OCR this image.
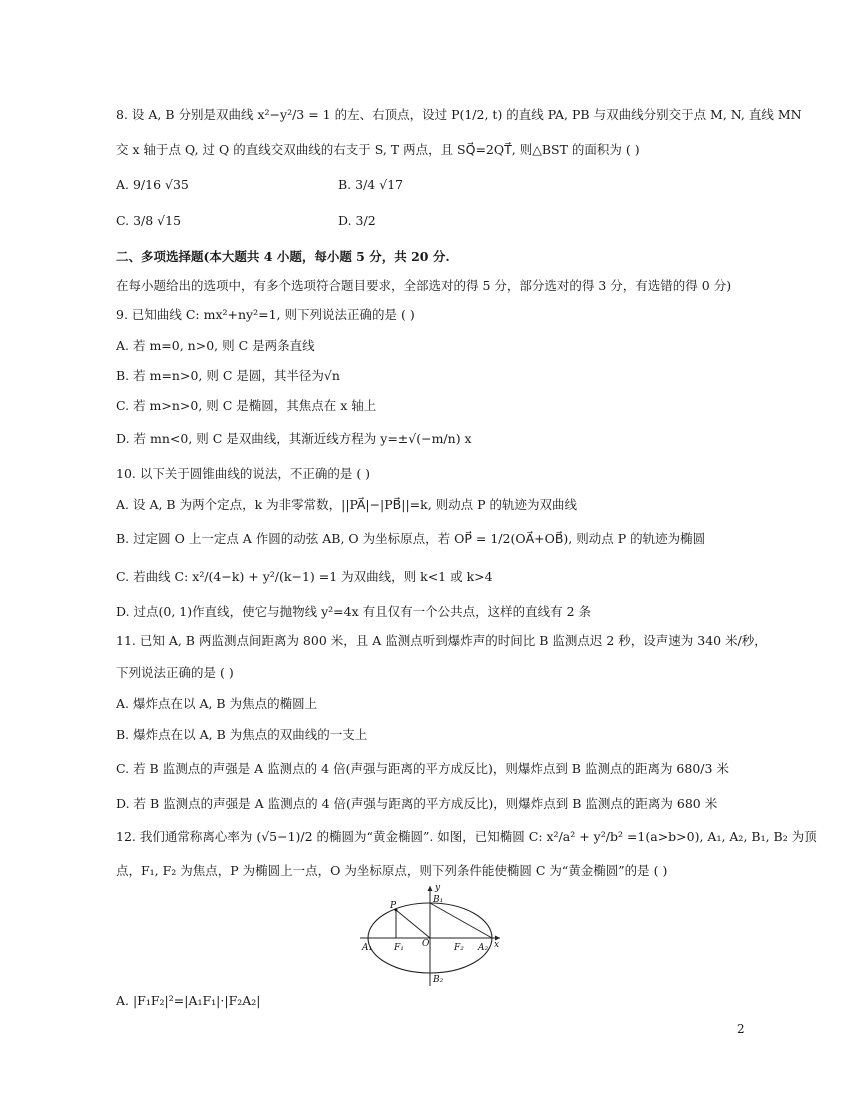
8. 设 A, B 分别是双曲线 x²−y²/3 = 1 的左、右顶点，设过 P(1/2, t) 的直线 PA, PB 与双曲线分别交于点 M, N, 直线 MN
交 x 轴于点 Q, 过 Q 的直线交双曲线的右支于 S, T 两点，且 SQ⃗=2QT⃗, 则△BST 的面积为 ( )
A. 9/16 √35	B. 3/4 √17
C. 3/8 √15	D. 3/2
二、多项选择题(本大题共 4 小题，每小题 5 分，共 20 分.
在每小题给出的选项中，有多个选项符合题目要求，全部选对的得 5 分，部分选对的得 3 分，有选错的得 0 分)
9. 已知曲线 C: mx²+ny²=1, 则下列说法正确的是 ( )
A. 若 m=0, n>0, 则 C 是两条直线
B. 若 m=n>0, 则 C 是圆，其半径为√n
C. 若 m>n>0, 则 C 是椭圆，其焦点在 x 轴上
D. 若 mn<0, 则 C 是双曲线，其渐近线方程为 y=±√(−m/n) x
10. 以下关于圆锥曲线的说法，不正确的是 ( )
A. 设 A, B 为两个定点，k 为非零常数，||PA⃗|−|PB⃗||=k, 则动点 P 的轨迹为双曲线
B. 过定圆 O 上一定点 A 作圆的动弦 AB, O 为坐标原点，若 OP⃗ = 1/2(OA⃗+OB⃗), 则动点 P 的轨迹为椭圆
C. 若曲线 C: x²/(4−k) + y²/(k−1) =1 为双曲线，则 k<1 或 k>4
D. 过点(0, 1)作直线，使它与抛物线 y²=4x 有且仅有一个公共点，这样的直线有 2 条
11. 已知 A, B 两监测点间距离为 800 米，且 A 监测点听到爆炸声的时间比 B 监测点迟 2 秒，设声速为 340 米/秒，
下列说法正确的是 ( )
A. 爆炸点在以 A, B 为焦点的椭圆上
B. 爆炸点在以 A, B 为焦点的双曲线的一支上
C. 若 B 监测点的声强是 A 监测点的 4 倍(声强与距离的平方成反比)，则爆炸点到 B 监测点的距离为 680/3 米
D. 若 B 监测点的声强是 A 监测点的 4 倍(声强与距离的平方成反比)，则爆炸点到 B 监测点的距离为 680 米
12. 我们通常称离心率为 (√5−1)/2 的椭圆为“黄金椭圆”. 如图，已知椭圆 C: x²/a² + y²/b² =1(a>b>0), A₁, A₂, B₁, B₂ 为顶
点，F₁, F₂ 为焦点，P 为椭圆上一点，O 为坐标原点，则下列条件能使椭圆 C 为“黄金椭圆”的是 ( )
y
x
P
B₁
B₂
A₁	A₂
F₁	F₂
O
A. |F₁F₂|²=|A₁F₁|·|F₂A₂|
2
